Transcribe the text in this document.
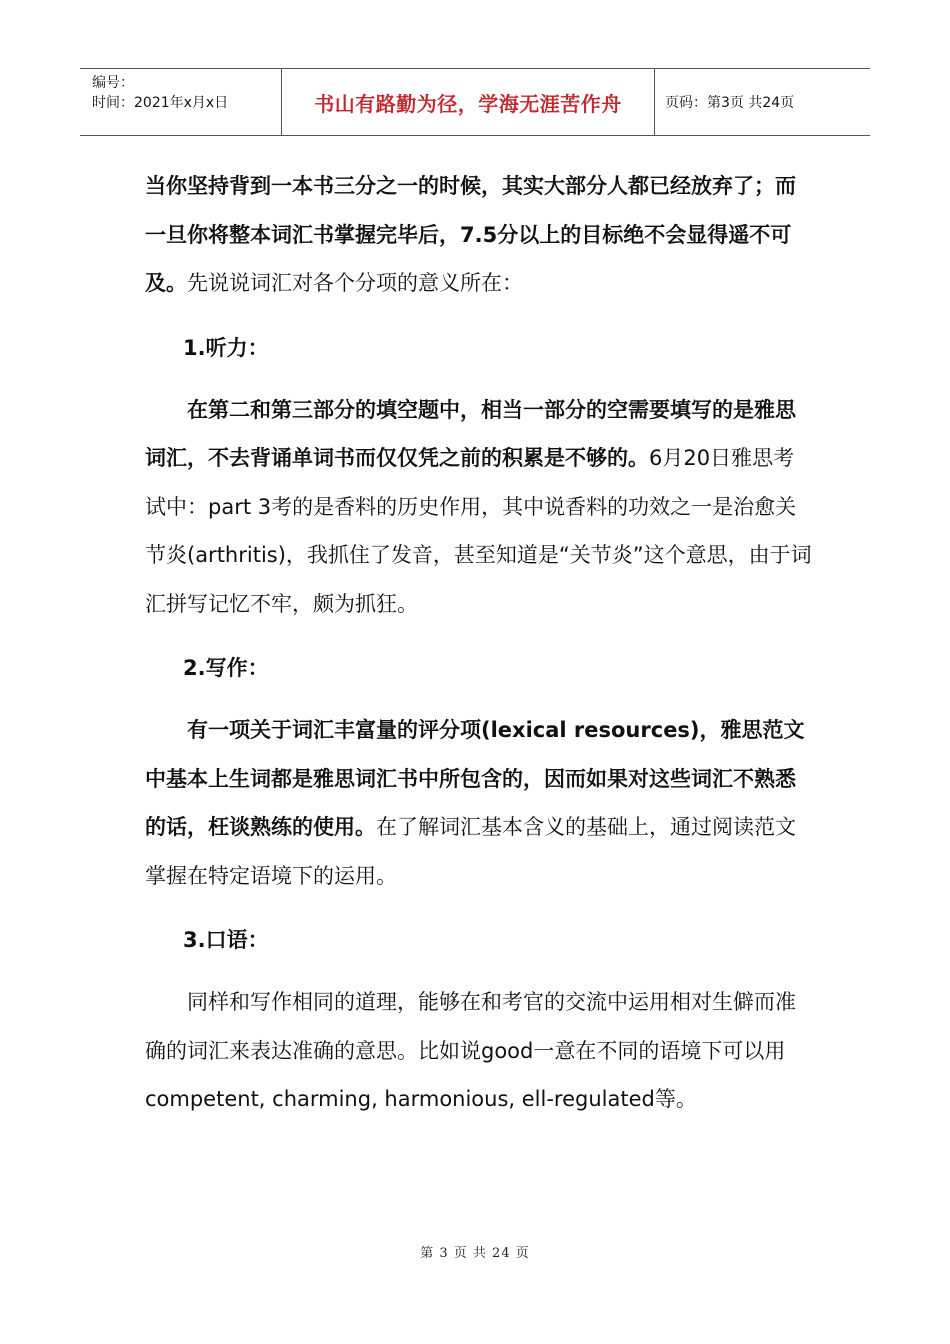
编号：
时间：2021年x月x日	书山有路勤为径，学海无涯苦作舟	页码：第3页 共24页

当你坚持背到一本书三分之一的时候，其实大部分人都已经放弃了；而一旦你将整本词汇书掌握完毕后，7.5分以上的目标绝不会显得遥不可及。先说说词汇对各个分项的意义所在：

1.听力：

在第二和第三部分的填空题中，相当一部分的空需要填写的是雅思词汇，不去背诵单词书而仅仅凭之前的积累是不够的。6月20日雅思考试中：part 3考的是香料的历史作用，其中说香料的功效之一是治愈关节炎(arthritis)，我抓住了发音，甚至知道是“关节炎”这个意思，由于词汇拼写记忆不牢，颇为抓狂。

2.写作：

有一项关于词汇丰富量的评分项(lexical resources)，雅思范文中基本上生词都是雅思词汇书中所包含的，因而如果对这些词汇不熟悉的话，枉谈熟练的使用。在了解词汇基本含义的基础上，通过阅读范文掌握在特定语境下的运用。

3.口语：

同样和写作相同的道理，能够在和考官的交流中运用相对生僻而准确的词汇来表达准确的意思。比如说good一意在不同的语境下可以用competent, charming, harmonious, ell-regulated等。

第 3 页 共 24 页
